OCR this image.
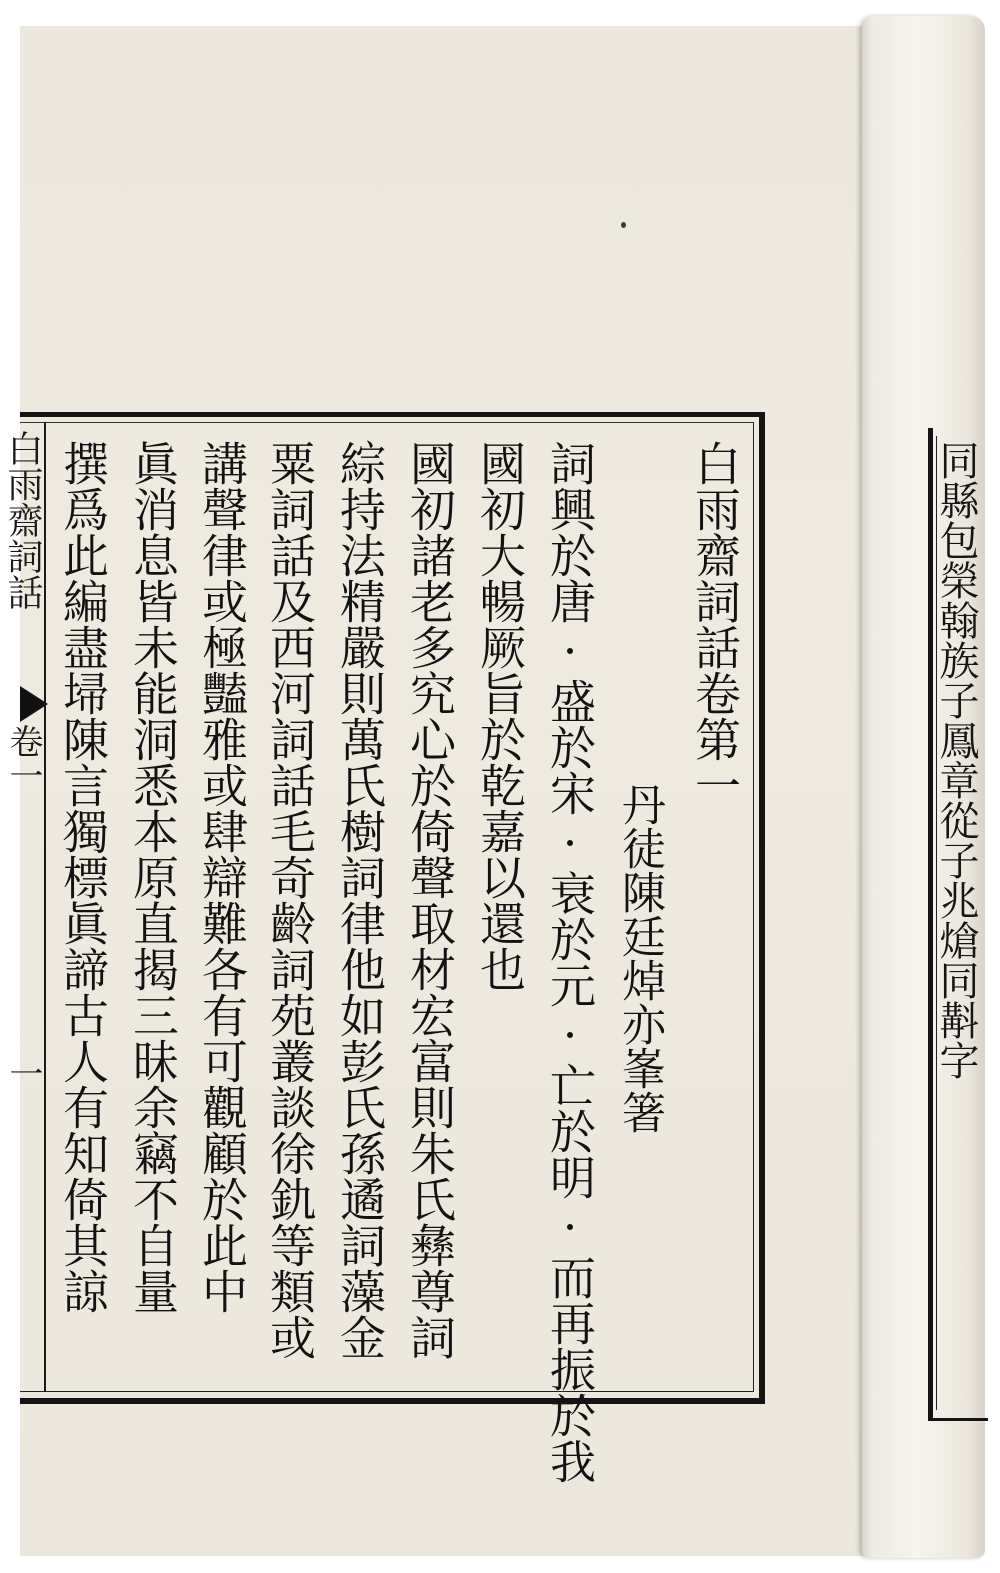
白雨齋詞話
卷一
一
白雨齋詞話卷第一
丹徒陳廷焯亦峯箸
詞興於唐·盛於宋·衰於元·亡於明·而再振於我
國初大暢厥旨於乾嘉以還也
國初諸老多究心於倚聲取材宏富則朱氏彝尊詞
綜持法精嚴則萬氏樹詞律他如彭氏孫遹詞藻金
粟詞話及西河詞話毛奇齡詞苑叢談徐釚等類或
講聲律或極豔雅或肆辯難各有可觀顧於此中
眞消息皆未能洞悉本原直揭三昧余竊不自量
撰爲此編盡埽陳言獨標眞諦古人有知倚其諒	同縣包榮翰族子鳳章從子兆熗同斠字
